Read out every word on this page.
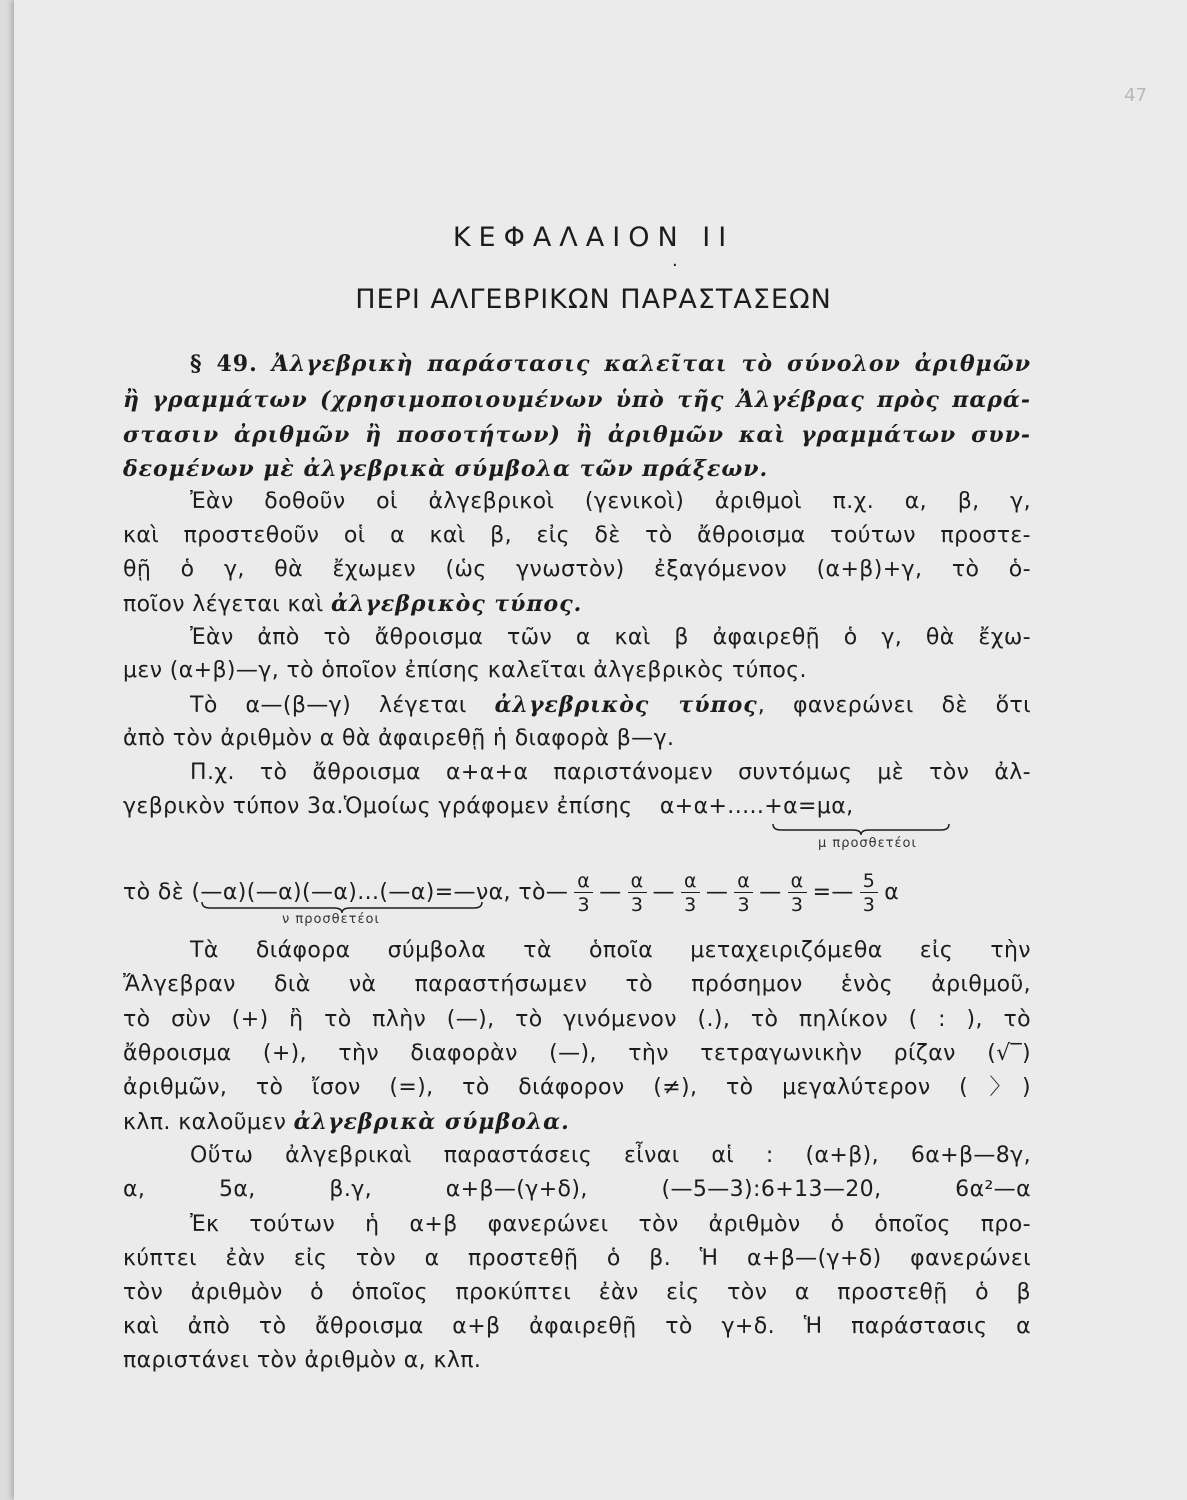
47
ΚΕΦΑΛΑΙΟΝ ΙΙ
.
ΠΕΡΙ ΑΛΓΕΒΡΙΚΩΝ ΠΑΡΑΣΤΑΣΕΩΝ
§ 49. Ἀλγεβρικὴ παράστασις καλεῖται τὸ σύνολον ἀριθμῶν
ἢ γραμμάτων (χρησιμοποιουμένων ὑπὸ τῆς Ἀλγέβρας πρὸς παρά-
στασιν ἀριθμῶν ἢ ποσοτήτων) ἢ ἀριθμῶν καὶ γραμμάτων συν-
δεομένων μὲ ἀλγεβρικὰ σύμβολα τῶν πράξεων.
Ἐὰν δοθοῦν οἱ ἀλγεβρικοὶ (γενικοὶ) ἀριθμοὶ π.χ. α, β, γ,
καὶ προστεθοῦν οἱ α καὶ β, εἰς δὲ τὸ ἄθροισμα τούτων προστε-
θῇ ὁ γ, θὰ ἔχωμεν (ὡς γνωστὸν) ἐξαγόμενον (α+β)+γ, τὸ ὁ-
ποῖον λέγεται καὶ ἀλγεβρικὸς τύπος.
Ἐὰν ἀπὸ τὸ ἄθροισμα τῶν α καὶ β ἀφαιρεθῇ ὁ γ, θὰ ἔχω-
μεν (α+β)—γ, τὸ ὁποῖον ἐπίσης καλεῖται ἀλγεβρικὸς τύπος.
Τὸ α—(β—γ) λέγεται ἀλγεβρικὸς τύπος, φανερώνει δὲ ὅτι
ἀπὸ τὸν ἀριθμὸν α θὰ ἀφαιρεθῇ ἡ διαφορὰ β—γ.
Π.χ. τὸ ἄθροισμα α+α+α παριστάνομεν συντόμως μὲ τὸν ἀλ-
γεβρικὸν τύπον 3α.Ὁμοίως γράφομεν ἐπίσης α+α+.....+α=μα,
μ προσθετέοι
τὸ δὲ (—α)(—α)(—α)...(—α)=—να, τὸ— $\frac{\alpha}{3}$ — $\frac{\alpha}{3}$ — $\frac{\alpha}{3}$ — $\frac{\alpha}{3}$ — $\frac{\alpha}{3}$ =— $\frac{5}{3}$ α
ν προσθετέοι
Τὰ διάφορα σύμβολα τὰ ὁποῖα μεταχειριζόμεθα εἰς τὴν
Ἄλγεβραν διὰ νὰ παραστήσωμεν τὸ πρόσημον ἑνὸς ἀριθμοῦ,
τὸ σὺν (+) ἢ τὸ πλὴν (—), τὸ γινόμενον (.), τὸ πηλίκον ( : ), τὸ
ἄθροισμα (+), τὴν διαφορὰν (—), τὴν τετραγωνικὴν ρίζαν (√‾)
ἀριθμῶν, τὸ ἴσον (=), τὸ διάφορον (≠), τὸ μεγαλύτερον (〉)
κλπ. καλοῦμεν ἀλγεβρικὰ σύμβολα.
Οὕτω ἀλγεβρικαὶ παραστάσεις εἶναι αἱ : (α+β), 6α+β—8γ,
α,     5α,     β.γ,     α+β—(γ+δ),     (—5—3):6+13—20,     6α²—α
Ἐκ τούτων ἡ α+β φανερώνει τὸν ἀριθμὸν ὁ ὁποῖος προ-
κύπτει ἐὰν εἰς τὸν α προστεθῇ ὁ β. Ἡ α+β—(γ+δ) φανερώνει
τὸν ἀριθμὸν ὁ ὁποῖος προκύπτει ἐὰν εἰς τὸν α προστεθῇ ὁ β
καὶ ἀπὸ τὸ ἄθροισμα α+β ἀφαιρεθῇ τὸ γ+δ. Ἡ παράστασις α
παριστάνει τὸν ἀριθμὸν α, κλπ.
